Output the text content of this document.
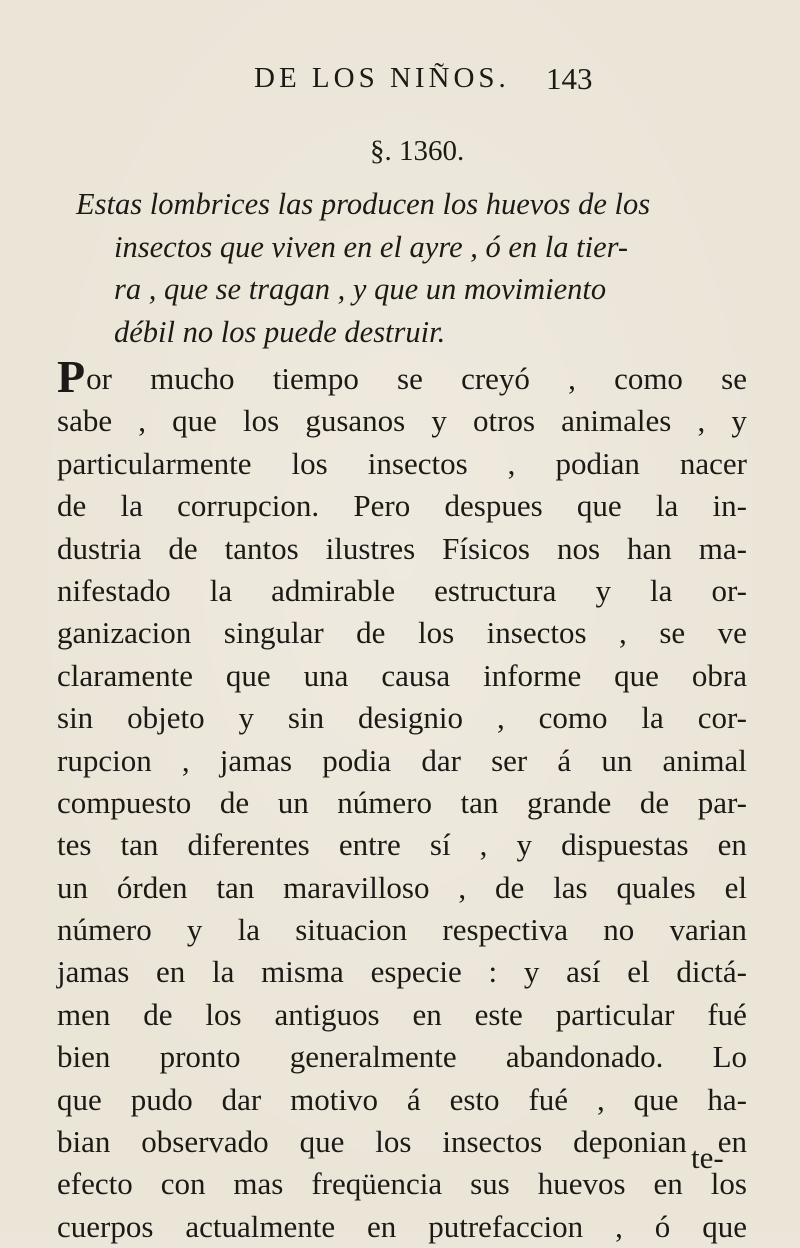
DE LOS NIÑOS. 143
§. 1360.
Estas lombrices las producen los huevos de los
insectos que viven en el ayre , ó en la tier-
ra , que se tragan , y que un movimiento
débil no los puede destruir.
Por mucho tiempo se creyó , como se
sabe , que los gusanos y otros animales , y
particularmente los insectos , podian nacer
de la corrupcion. Pero despues que la in-
dustria de tantos ilustres Físicos nos han ma-
nifestado la admirable estructura y la or-
ganizacion singular de los insectos , se ve
claramente que una causa informe que obra
sin objeto y sin designio , como la cor-
rupcion , jamas podia dar ser á un animal
compuesto de un número tan grande de par-
tes tan diferentes entre sí , y dispuestas en
un órden tan maravilloso , de las quales el
número y la situacion respectiva no varian
jamas en la misma especie : y así el dictá-
men de los antiguos en este particular fué
bien pronto generalmente abandonado. Lo
que pudo dar motivo á esto fué , que ha-
bian observado que los insectos deponian en
efecto con mas freqüencia sus huevos en los
cuerpos actualmente en putrefaccion , ó que
te-
